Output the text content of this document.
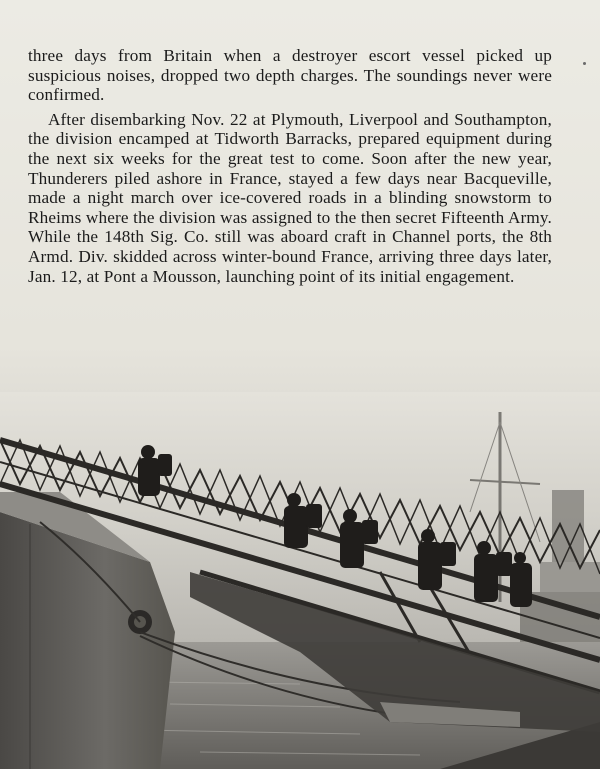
three days from Britain when a destroyer escort vessel picked up suspicious noises, dropped two depth charges. The soundings never were confirmed.

After disembarking Nov. 22 at Plymouth, Liverpool and Southampton, the division encamped at Tidworth Barracks, prepared equipment during the next six weeks for the great test to come. Soon after the new year, Thunderers piled ashore in France, stayed a few days near Bacqueville, made a night march over ice-covered roads in a blinding snowstorm to Rheims where the division was assigned to the then secret Fifteenth Army. While the 148th Sig. Co. still was aboard craft in Channel ports, the 8th Armd. Div. skidded across winter-bound France, arriving three days later, Jan. 12, at Pont a Mousson, launching point of its initial engagement.
